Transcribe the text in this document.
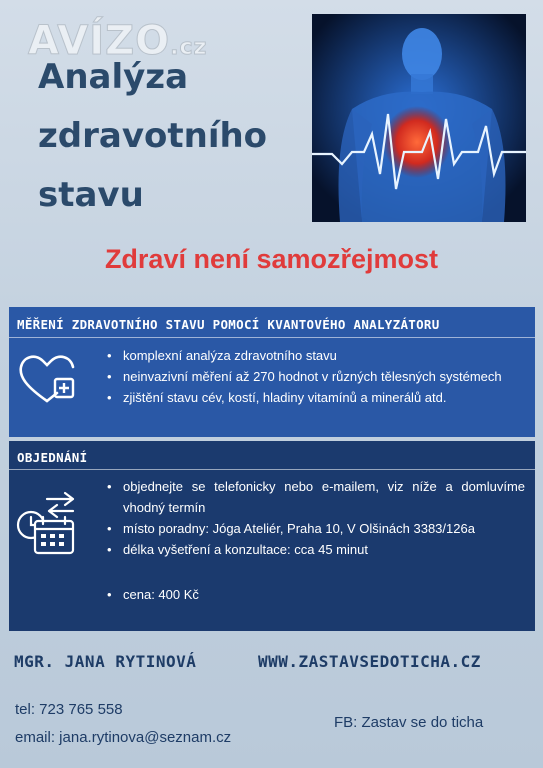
AVÍZO.cz
Analýza
zdravotního
stavu
Zdraví není samozřejmost
MĚŘENÍ ZDRAVOTNÍHO STAVU POMOCÍ KVANTOVÉHO ANALYZÁTORU
• komplexní analýza zdravotního stavu
• neinvazivní měření až 270 hodnot v různých tělesných systémech
• zjištění stavu cév, kostí, hladiny vitamínů a minerálů atd.
OBJEDNÁNÍ
• objednejte se telefonicky nebo e-mailem, viz níže a domluvíme vhodný termín
• místo poradny: Jóga Ateliér, Praha 10, V Olšinách 3383/126a
• délka vyšetření a konzultace: cca 45 minut
• cena: 400 Kč
MGR. JANA RYTINOVÁ	WWW.ZASTAVSEDOTICHA.CZ
tel: 723 765 558
email: jana.rytinova@seznam.cz
FB: Zastav se do ticha
